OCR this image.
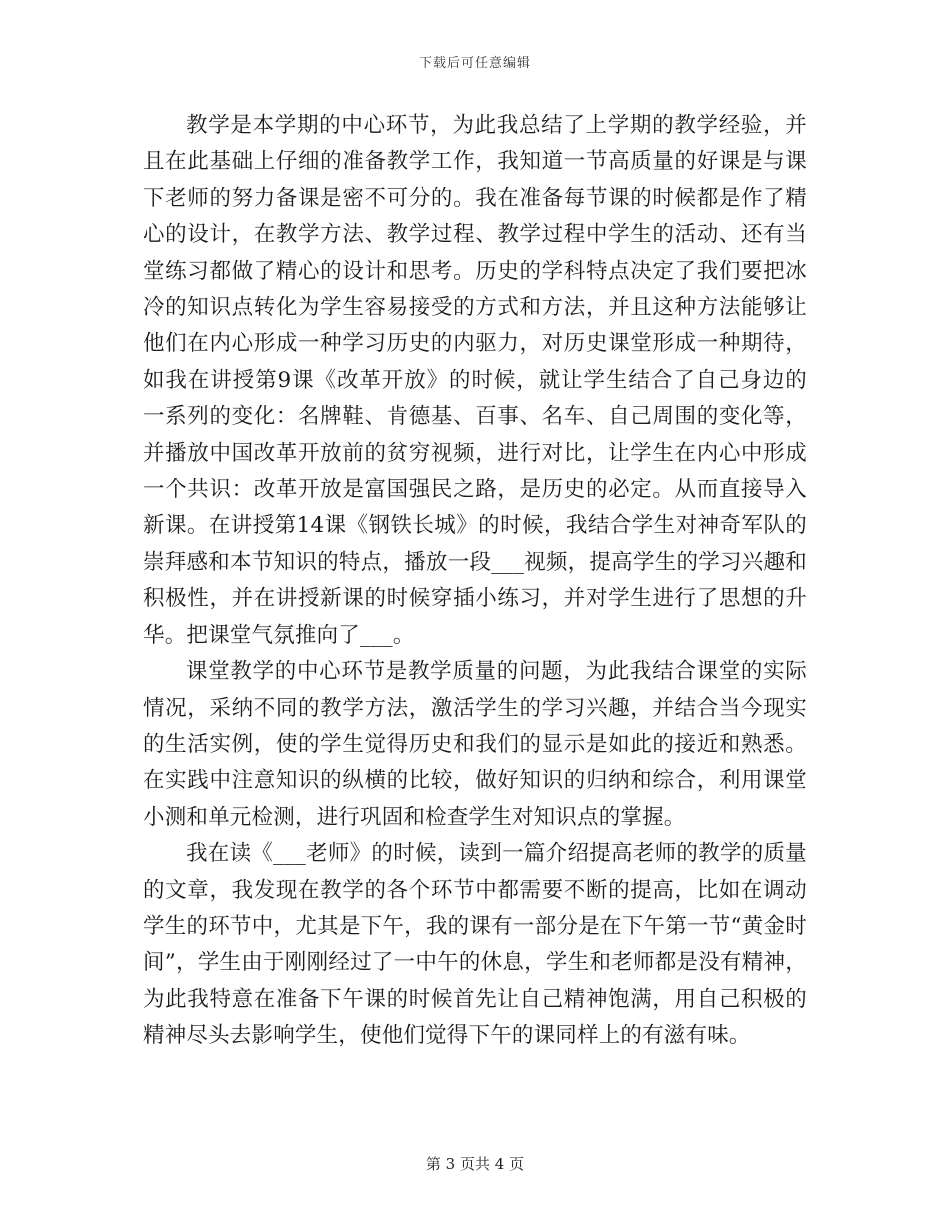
下载后可任意编辑

教学是本学期的中心环节，为此我总结了上学期的教学经验，并且在此基础上仔细的准备教学工作，我知道一节高质量的好课是与课下老师的努力备课是密不可分的。我在准备每节课的时候都是作了精心的设计，在教学方法、教学过程、教学过程中学生的活动、还有当堂练习都做了精心的设计和思考。历史的学科特点决定了我们要把冰冷的知识点转化为学生容易接受的方式和方法，并且这种方法能够让他们在内心形成一种学习历史的内驱力，对历史课堂形成一种期待，如我在讲授第9课《改革开放》的时候，就让学生结合了自己身边的一系列的变化：名牌鞋、肯德基、百事、名车、自己周围的变化等，并播放中国改革开放前的贫穷视频，进行对比，让学生在内心中形成一个共识：改革开放是富国强民之路，是历史的必定。从而直接导入新课。在讲授第14课《钢铁长城》的时候，我结合学生对神奇军队的崇拜感和本节知识的特点，播放一段___视频，提高学生的学习兴趣和积极性，并在讲授新课的时候穿插小练习，并对学生进行了思想的升华。把课堂气氛推向了___。

课堂教学的中心环节是教学质量的问题，为此我结合课堂的实际情况，采纳不同的教学方法，激活学生的学习兴趣，并结合当今现实的生活实例，使的学生觉得历史和我们的显示是如此的接近和熟悉。在实践中注意知识的纵横的比较，做好知识的归纳和综合，利用课堂小测和单元检测，进行巩固和检查学生对知识点的掌握。

我在读《___老师》的时候，读到一篇介绍提高老师的教学的质量的文章，我发现在教学的各个环节中都需要不断的提高，比如在调动学生的环节中，尤其是下午，我的课有一部分是在下午第一节“黄金时间”，学生由于刚刚经过了一中午的休息，学生和老师都是没有精神，为此我特意在准备下午课的时候首先让自己精神饱满，用自己积极的精神尽头去影响学生，使他们觉得下午的课同样上的有滋有味。

第 3 页共 4 页
